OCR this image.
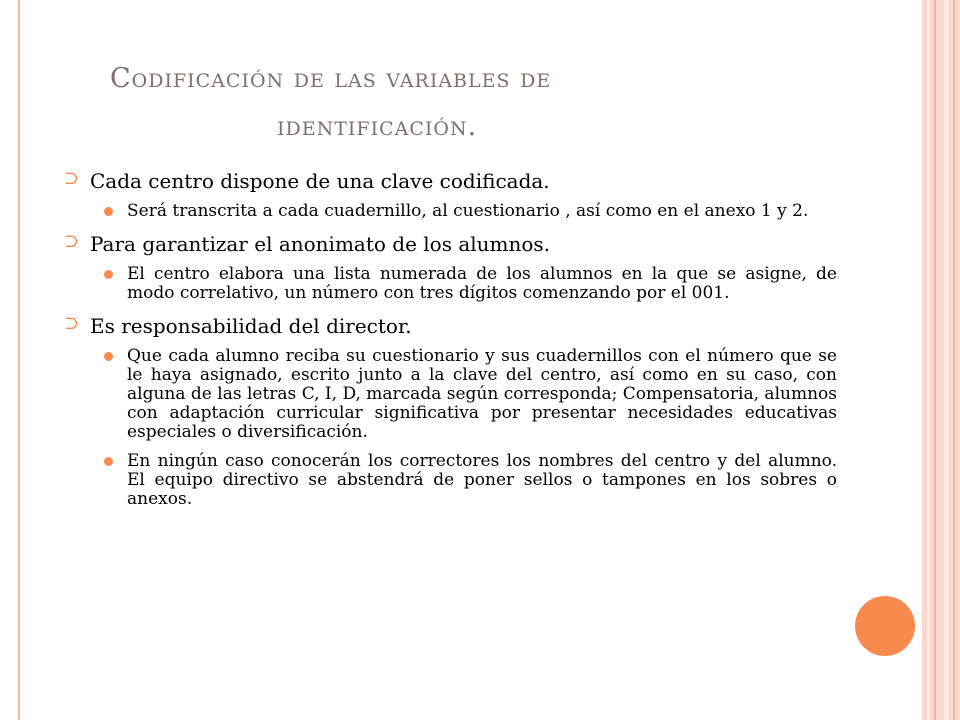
Codificación de las variables de
identificación.
⊃ Cada centro dispone de una clave codificada.
Será transcrita a cada cuadernillo, al cuestionario , así como en el anexo 1 y 2.
⊃ Para garantizar el anonimato de los alumnos.
El centro elabora una lista numerada de los alumnos en la que se asigne, de modo correlativo, un número con tres dígitos comenzando por el 001.
⊃ Es responsabilidad del director.
Que cada alumno reciba su cuestionario y sus cuadernillos con el número que se le haya asignado, escrito junto a la clave del centro, así como en su caso, con alguna de las letras C, I, D, marcada según corresponda; Compensatoria, alumnos con adaptación curricular significativa por presentar necesidades educativas especiales o diversificación.
En ningún caso conocerán los correctores los nombres del centro y del alumno. El equipo directivo se abstendrá de poner sellos o tampones en los sobres o anexos.
